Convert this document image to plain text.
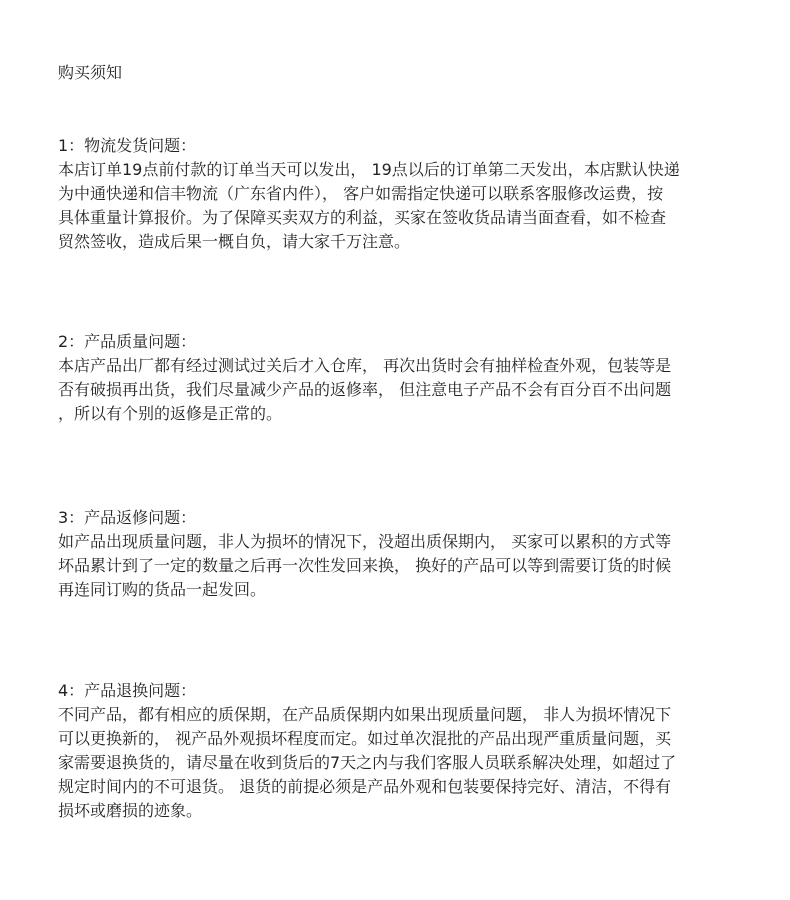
购买须知
1：物流发货问题：
本店订单19点前付款的订单当天可以发出， 19点以后的订单第二天发出，本店默认快递
为中通快递和信丰物流（广东省内件）， 客户如需指定快递可以联系客服修改运费，按
具体重量计算报价。为了保障买卖双方的利益，买家在签收货品请当面查看，如不检查
贸然签收，造成后果一概自负，请大家千万注意。
2：产品质量问题：
本店产品出厂都有经过测试过关后才入仓库， 再次出货时会有抽样检查外观，包装等是
否有破损再出货，我们尽量减少产品的返修率， 但注意电子产品不会有百分百不出问题
，所以有个别的返修是正常的。
3：产品返修问题：
如产品出现质量问题，非人为损坏的情况下，没超出质保期内， 买家可以累积的方式等
坏品累计到了一定的数量之后再一次性发回来换， 换好的产品可以等到需要订货的时候
再连同订购的货品一起发回。
4：产品退换问题：
不同产品，都有相应的质保期，在产品质保期内如果出现质量问题， 非人为损坏情况下
可以更换新的， 视产品外观损坏程度而定。如过单次混批的产品出现严重质量问题，买
家需要退换货的，请尽量在收到货后的7天之内与我们客服人员联系解决处理，如超过了
规定时间内的不可退货。 退货的前提必须是产品外观和包装要保持完好、清洁，不得有
损坏或磨损的迹象。
